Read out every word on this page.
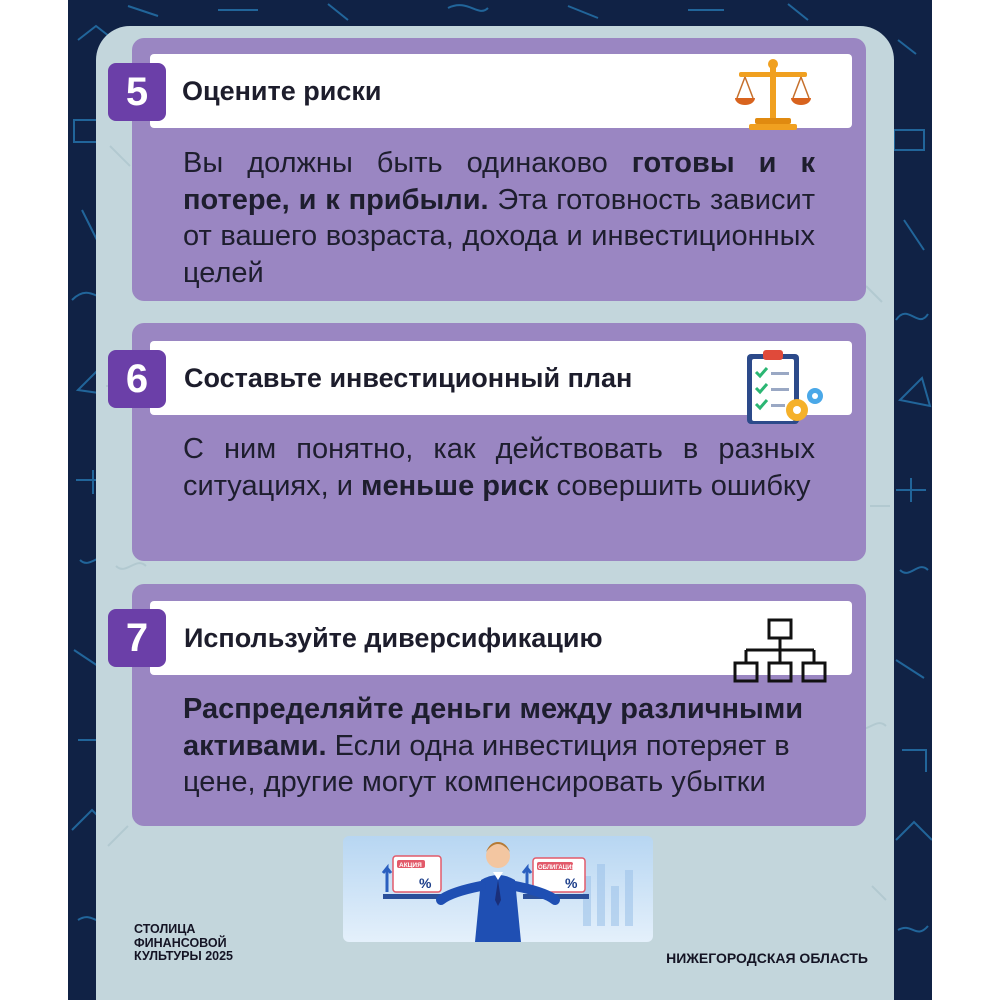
Оцените риски
5
Вы должны быть одинаково готовы и к потере, и к прибыли. Эта готовность зависит от вашего возраста, дохода и инвестиционных целей
Составьте инвестиционный план
6
С ним понятно, как действовать в разных ситуациях, и меньше риск совершить ошибку
Используйте диверсификацию
7
Распределяйте деньги между различными активами. Если одна инвестиция потеряет в цене, другие могут компенсировать убытки
АКЦИЯ
%
ОБЛИГАЦИЯ
%
СТОЛИЦА
ФИНАНСОВОЙ
КУЛЬТУРЫ 2025	НИЖЕГОРОДСКАЯ ОБЛАСТЬ
